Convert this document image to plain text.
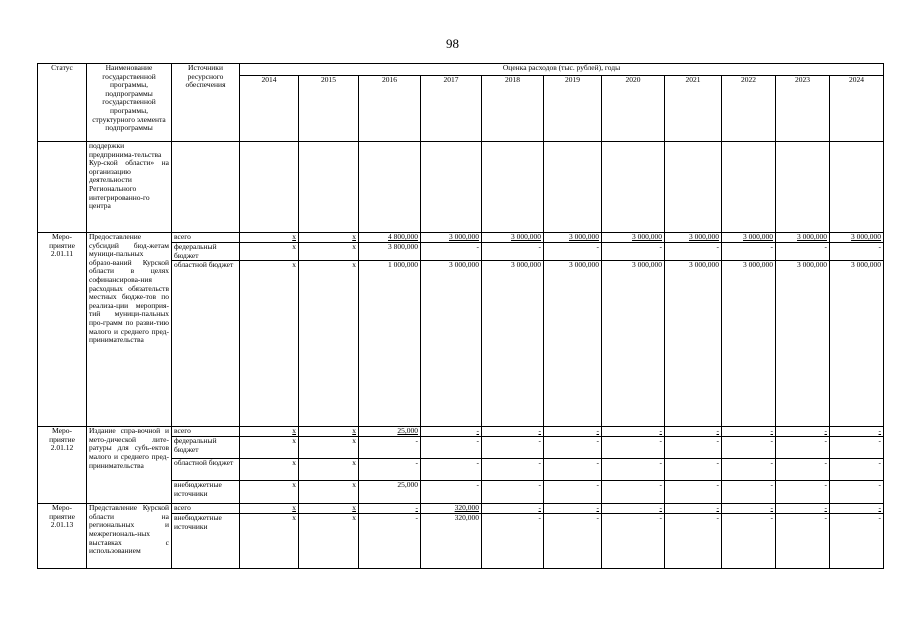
98
Статус	Наименование государственной программы, подпрограммы государственной программы, структурного элемента подпрограммы	Источники ресурсного обеспечения	Оценка расходов (тыс. рублей), годы										
			2014	2015	2016	2017	2018	2019	2020	2021	2022	2023	2024
	поддержки предпринима-тельства Кур-ской области» на организацию деятельности Регионального интегрированно-го центра												
Меро-приятие 2.01.11	Предоставление субсидий бюд-жетам муници-пальных образо-ваний Курской области в целях софинансирова-ния расходных обязательств местных бюдже-тов по реализа-ции мероприя-тий муници-пальных про-грамм по разви-тию малого и среднего пред-принимательства	всего	x	x	4 800,000	3 000,000	3 000,000	3 000,000	3 000,000	3 000,000	3 000,000	3 000,000	3 000,000
		федеральный бюджет	x	x	3 800,000	-	-	-	-	-	-	-	-
		областной бюджет	x	x	1 000,000	3 000,000	3 000,000	3 000,000	3 000,000	3 000,000	3 000,000	3 000,000	3 000,000
Меро-приятие 2.01.12	Издание спра-вочной и мето-дической лите-ратуры для субъ-ектов малого и среднего пред-принимательства	всего	x	x	25,000	-	-	-	-	-	-	-	-
		федеральный бюджет	x	x	-	-	-	-	-	-	-	-	-
		областной бюджет	x	x	-	-	-	-	-	-	-	-	-
		внебюджетные источники	x	x	25,000	-	-	-	-	-	-	-	-
Меро-приятие 2.01.13	Представление Курской области на региональных и межрегиональ-ных выставках с использованием	всего	x	x	-	320,000	-	-	-	-	-	-	-
		внебюджетные источники	x	x	-	320,000	-	-	-	-	-	-	-
